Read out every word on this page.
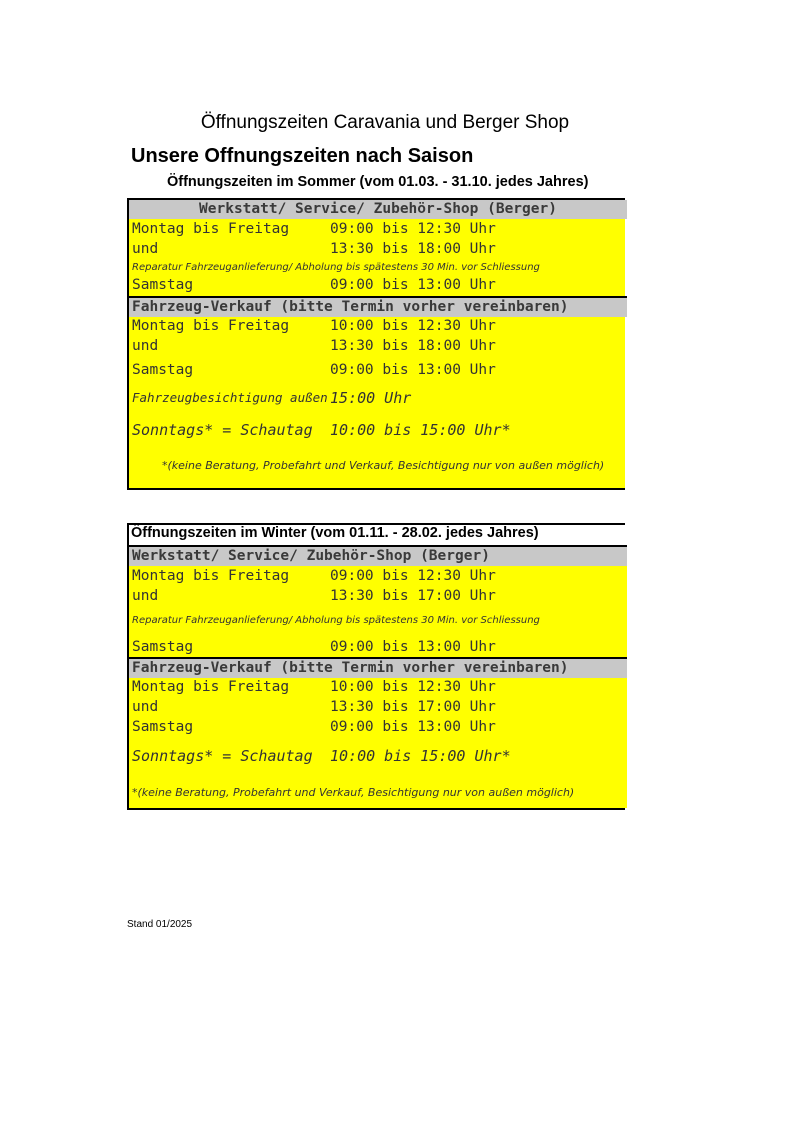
Öffnungszeiten Caravania und Berger Shop
Unsere Offnungszeiten nach Saison
Öffnungszeiten im Sommer (vom 01.03. - 31.10. jedes Jahres)
Werkstatt/ Service/ Zubehör-Shop (Berger)
Montag bis Freitag	09:00 bis 12:30 Uhr
und	13:30 bis 18:00 Uhr
Reparatur Fahrzeuganlieferung/ Abholung bis spätestens 30 Min. vor Schliessung
Samstag	09:00 bis 13:00 Uhr
Fahrzeug-Verkauf (bitte Termin vorher vereinbaren)
Montag bis Freitag	10:00 bis 12:30 Uhr
und	13:30 bis 18:00 Uhr
Samstag	09:00 bis 13:00 Uhr
Fahrzeugbesichtigung außen 15:00 Uhr
Sonntags* = Schautag 10:00 bis 15:00 Uhr*
*(keine Beratung, Probefahrt und Verkauf, Besichtigung nur von außen möglich)
Öffnungszeiten im Winter (vom 01.11. - 28.02. jedes Jahres)
Werkstatt/ Service/ Zubehör-Shop (Berger)
Montag bis Freitag	09:00 bis 12:30 Uhr
und	13:30 bis 17:00 Uhr
Reparatur Fahrzeuganlieferung/ Abholung bis spätestens 30 Min. vor Schliessung
Samstag	09:00 bis 13:00 Uhr
Fahrzeug-Verkauf (bitte Termin vorher vereinbaren)
Montag bis Freitag	10:00 bis 12:30 Uhr
und	13:30 bis 17:00 Uhr
Samstag	09:00 bis 13:00 Uhr
Sonntags* = Schautag 10:00 bis 15:00 Uhr*
*(keine Beratung, Probefahrt und Verkauf, Besichtigung nur von außen möglich)
Stand 01/2025
